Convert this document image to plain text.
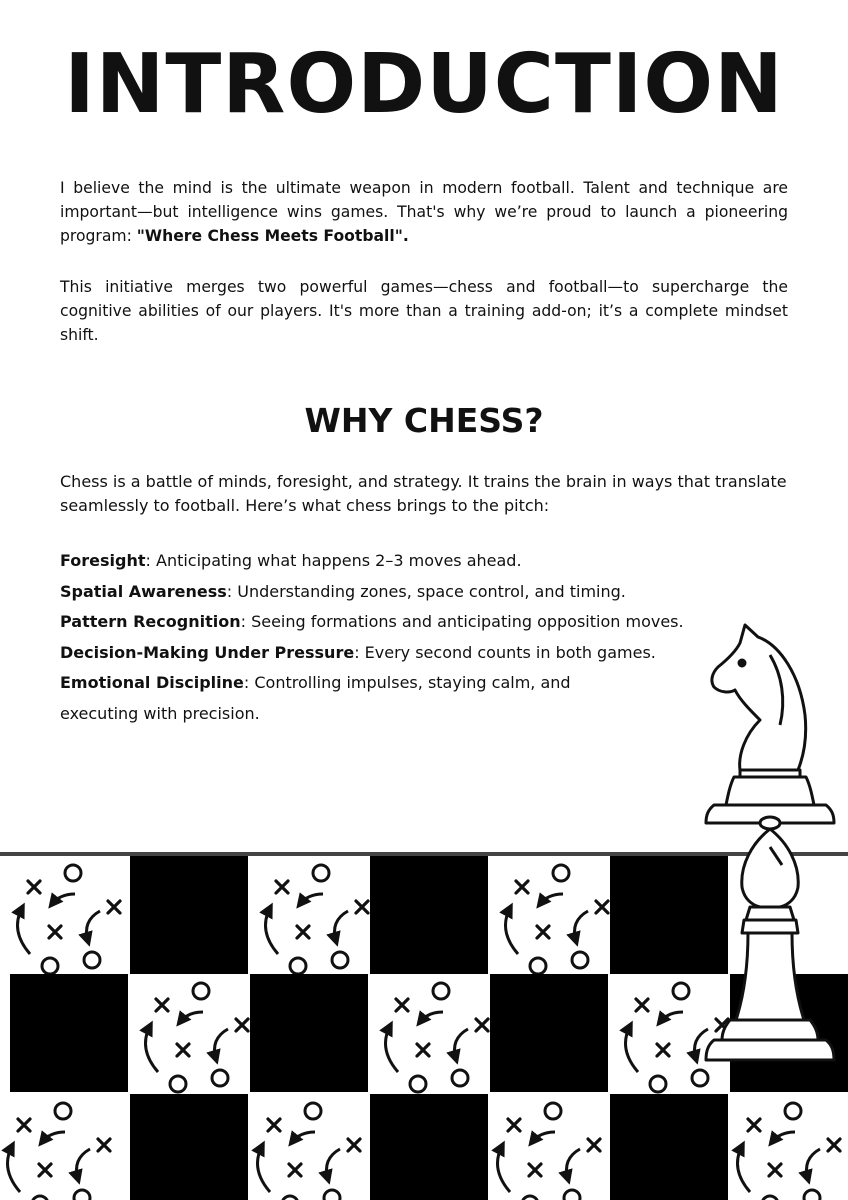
INTRODUCTION

I believe the mind is the ultimate weapon in modern football. Talent and technique are important—but intelligence wins games. That's why we’re proud to launch a pioneering program: "Where Chess Meets Football".

This initiative merges two powerful games—chess and football—to supercharge the cognitive abilities of our players. It's more than a training add-on; it’s a complete mindset shift.

WHY CHESS?

Chess is a battle of minds, foresight, and strategy. It trains the brain in ways that translate seamlessly to football. Here’s what chess brings to the pitch:

Foresight: Anticipating what happens 2–3 moves ahead.
Spatial Awareness: Understanding zones, space control, and timing.
Pattern Recognition: Seeing formations and anticipating opposition moves.
Decision-Making Under Pressure: Every second counts in both games.
Emotional Discipline: Controlling impulses, staying calm, and
executing with precision.
